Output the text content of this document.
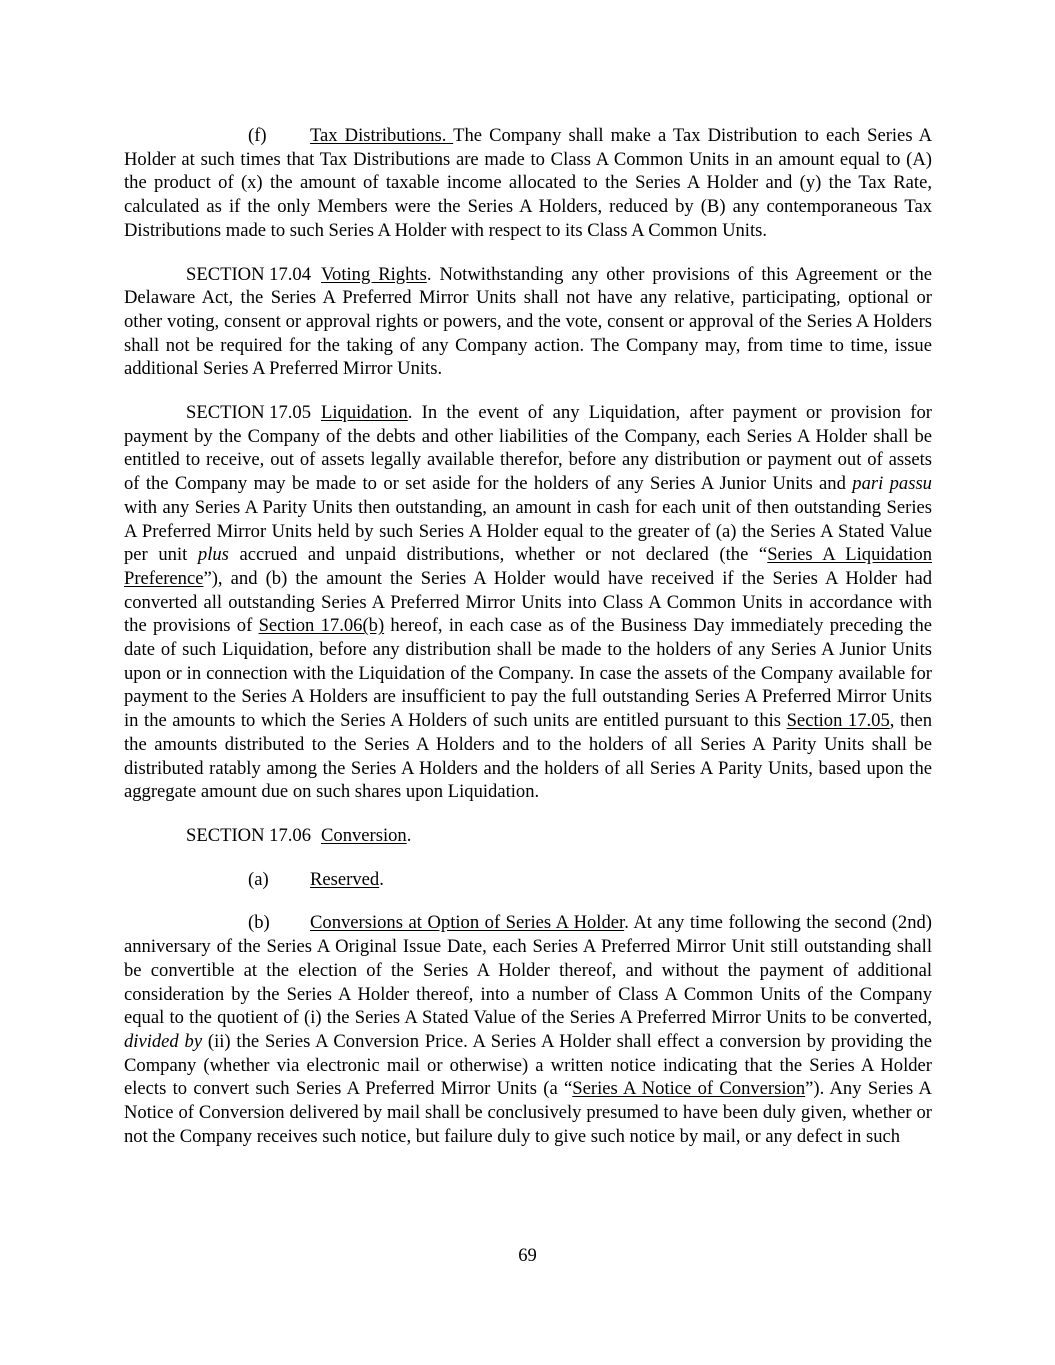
(f) Tax Distributions. The Company shall make a Tax Distribution to each Series A Holder at such times that Tax Distributions are made to Class A Common Units in an amount equal to (A) the product of (x) the amount of taxable income allocated to the Series A Holder and (y) the Tax Rate, calculated as if the only Members were the Series A Holders, reduced by (B) any contemporaneous Tax Distributions made to such Series A Holder with respect to its Class A Common Units.

SECTION 17.04 Voting Rights. Notwithstanding any other provisions of this Agreement or the Delaware Act, the Series A Preferred Mirror Units shall not have any relative, participating, optional or other voting, consent or approval rights or powers, and the vote, consent or approval of the Series A Holders shall not be required for the taking of any Company action. The Company may, from time to time, issue additional Series A Preferred Mirror Units.

SECTION 17.05 Liquidation. In the event of any Liquidation, after payment or provision for payment by the Company of the debts and other liabilities of the Company, each Series A Holder shall be entitled to receive, out of assets legally available therefor, before any distribution or payment out of assets of the Company may be made to or set aside for the holders of any Series A Junior Units and pari passu with any Series A Parity Units then outstanding, an amount in cash for each unit of then outstanding Series A Preferred Mirror Units held by such Series A Holder equal to the greater of (a) the Series A Stated Value per unit plus accrued and unpaid distributions, whether or not declared (the “Series A Liquidation Preference”), and (b) the amount the Series A Holder would have received if the Series A Holder had converted all outstanding Series A Preferred Mirror Units into Class A Common Units in accordance with the provisions of Section 17.06(b) hereof, in each case as of the Business Day immediately preceding the date of such Liquidation, before any distribution shall be made to the holders of any Series A Junior Units upon or in connection with the Liquidation of the Company. In case the assets of the Company available for payment to the Series A Holders are insufficient to pay the full outstanding Series A Preferred Mirror Units in the amounts to which the Series A Holders of such units are entitled pursuant to this Section 17.05, then the amounts distributed to the Series A Holders and to the holders of all Series A Parity Units shall be distributed ratably among the Series A Holders and the holders of all Series A Parity Units, based upon the aggregate amount due on such shares upon Liquidation.

SECTION 17.06 Conversion.

(a) Reserved.

(b) Conversions at Option of Series A Holder. At any time following the second (2nd) anniversary of the Series A Original Issue Date, each Series A Preferred Mirror Unit still outstanding shall be convertible at the election of the Series A Holder thereof, and without the payment of additional consideration by the Series A Holder thereof, into a number of Class A Common Units of the Company equal to the quotient of (i) the Series A Stated Value of the Series A Preferred Mirror Units to be converted, divided by (ii) the Series A Conversion Price. A Series A Holder shall effect a conversion by providing the Company (whether via electronic mail or otherwise) a written notice indicating that the Series A Holder elects to convert such Series A Preferred Mirror Units (a “Series A Notice of Conversion”). Any Series A Notice of Conversion delivered by mail shall be conclusively presumed to have been duly given, whether or not the Company receives such notice, but failure duly to give such notice by mail, or any defect in such

69
